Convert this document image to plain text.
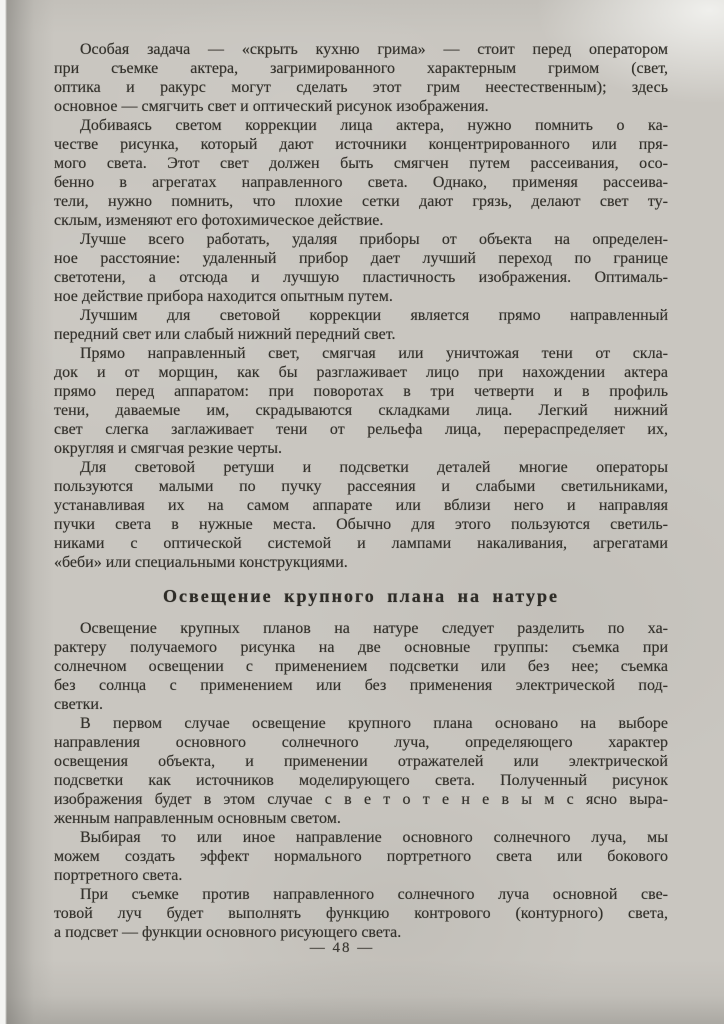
Особая задача — «скрыть кухню грима» — стоит перед оператором
при съемке актера, загримированного характерным гримом (свет,
оптика и ракурс могут сделать этот грим неестественным); здесь
основное — смягчить свет и оптический рисунок изображения.
Добиваясь светом коррекции лица актера, нужно помнить о ка-
честве рисунка, который дают источники концентрированного или пря-
мого света. Этот свет должен быть смягчен путем рассеивания, осо-
бенно в агрегатах направленного света. Однако, применяя рассеива-
тели, нужно помнить, что плохие сетки дают грязь, делают свет ту-
склым, изменяют его фотохимическое действие.
Лучше всего работать, удаляя приборы от объекта на определен-
ное расстояние: удаленный прибор дает лучший переход по границе
светотени, а отсюда и лучшую пластичность изображения. Оптималь-
ное действие прибора находится опытным путем.
Лучшим для световой коррекции является прямо направленный
передний свет или слабый нижний передний свет.
Прямо направленный свет, смягчая или уничтожая тени от скла-
док и от морщин, как бы разглаживает лицо при нахождении актера
прямо перед аппаратом: при поворотах в три четверти и в профиль
тени, даваемые им, скрадываются складками лица. Легкий нижний
свет слегка заглаживает тени от рельефа лица, перераспределяет их,
округляя и смягчая резкие черты.
Для световой ретуши и подсветки деталей многие операторы
пользуются малыми по пучку рассеяния и слабыми светильниками,
устанавливая их на самом аппарате или вблизи него и направляя
пучки света в нужные места. Обычно для этого пользуются светиль-
никами с оптической системой и лампами накаливания, агрегатами
«беби» или специальными конструкциями.
Освещение крупного плана на натуре
Освещение крупных планов на натуре следует разделить по ха-
рактеру получаемого рисунка на две основные группы: съемка при
солнечном освещении с применением подсветки или без нее; съемка
без солнца с применением или без применения электрической под-
светки.
В первом случае освещение крупного плана основано на выборе
направления основного солнечного луча, определяющего характер
освещения объекта, и применении отражателей или электрической
подсветки как источников моделирующего света. Полученный рисунок
изображения будет в этом случае с в е т о т е н е в ы м с ясно выра-
женным направленным основным светом.
Выбирая то или иное направление основного солнечного луча, мы
можем создать эффект нормального портретного света или бокового
портретного света.
При съемке против направленного солнечного луча основной све-
товой луч будет выполнять функцию контрового (контурного) света,
а подсвет — функции основного рисующего света.
— 48 —
